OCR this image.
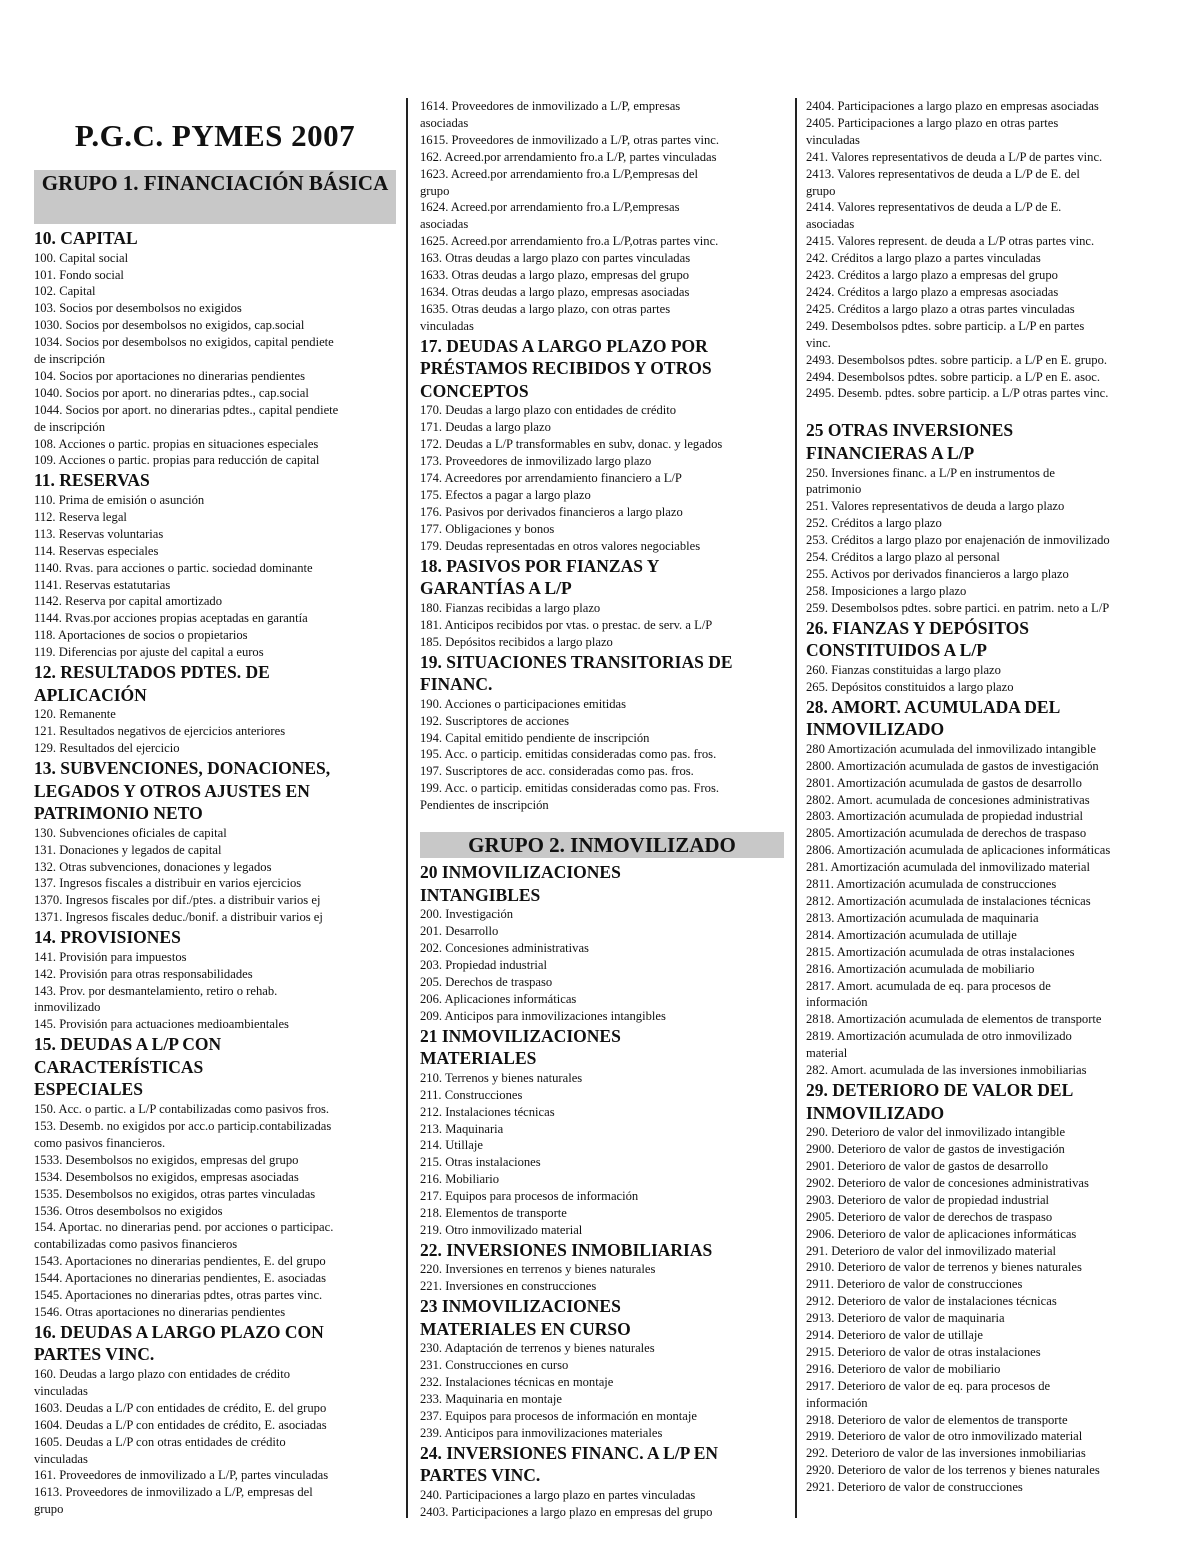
P.G.C. PYMES 2007
GRUPO 1. FINANCIACIÓN BÁSICA
10. CAPITAL
100. Capital social
101. Fondo social
102. Capital
103. Socios por desembolsos no exigidos
1030. Socios por desembolsos no exigidos, cap.social
1034. Socios por desembolsos no exigidos, capital pendiete
de inscripción
104. Socios por aportaciones no dinerarias pendientes
1040. Socios por aport. no dinerarias pdtes., cap.social
1044. Socios por aport. no dinerarias pdtes., capital pendiete
de inscripción
108. Acciones o partic. propias en situaciones especiales
109. Acciones o partic. propias para reducción de capital
11. RESERVAS
110. Prima de emisión o asunción
112. Reserva legal
113. Reservas voluntarias
114. Reservas especiales
1140. Rvas. para acciones o partic. sociedad dominante
1141. Reservas estatutarias
1142. Reserva por capital amortizado
1144. Rvas.por acciones propias aceptadas en garantía
118. Aportaciones de socios o propietarios
119. Diferencias por ajuste del capital a euros
12. RESULTADOS PDTES. DE
APLICACIÓN
120. Remanente
121. Resultados negativos de ejercicios anteriores
129. Resultados del ejercicio
13. SUBVENCIONES, DONACIONES,
LEGADOS Y OTROS AJUSTES EN
PATRIMONIO NETO
130. Subvenciones oficiales de capital
131. Donaciones y legados de capital
132. Otras subvenciones, donaciones y legados
137. Ingresos fiscales a distribuir en varios ejercicios
1370. Ingresos fiscales por dif./ptes. a distribuir varios ej
1371. Ingresos fiscales deduc./bonif. a distribuir varios ej
14. PROVISIONES
141. Provisión para impuestos
142. Provisión para otras responsabilidades
143. Prov. por desmantelamiento, retiro o rehab.
inmovilizado
145. Provisión para actuaciones medioambientales
15. DEUDAS A L/P CON
CARACTERÍSTICAS
ESPECIALES
150. Acc. o partic. a L/P contabilizadas como pasivos fros.
153. Desemb. no exigidos por acc.o particip.contabilizadas
como pasivos financieros.
1533. Desembolsos no exigidos, empresas del grupo
1534. Desembolsos no exigidos, empresas asociadas
1535. Desembolsos no exigidos, otras partes vinculadas
1536. Otros desembolsos no exigidos
154. Aportac. no dinerarias pend. por acciones o participac.
contabilizadas como pasivos financieros
1543. Aportaciones no dinerarias pendientes, E. del grupo
1544. Aportaciones no dinerarias pendientes, E. asociadas
1545. Aportaciones no dinerarias pdtes, otras partes vinc.
1546. Otras aportaciones no dinerarias pendientes
16. DEUDAS A LARGO PLAZO CON
PARTES VINC.
160. Deudas a largo plazo con entidades de crédito
vinculadas
1603. Deudas a L/P con entidades de crédito, E. del grupo
1604. Deudas a L/P con entidades de crédito, E. asociadas
1605. Deudas a L/P con otras entidades de crédito
vinculadas
161. Proveedores de inmovilizado a L/P, partes vinculadas
1613. Proveedores de inmovilizado a L/P, empresas del
grupo
1614. Proveedores de inmovilizado a L/P, empresas
asociadas
1615. Proveedores de inmovilizado a L/P, otras partes vinc.
162. Acreed.por arrendamiento fro.a L/P, partes vinculadas
1623. Acreed.por arrendamiento fro.a L/P,empresas del
grupo
1624. Acreed.por arrendamiento fro.a L/P,empresas
asociadas
1625. Acreed.por arrendamiento fro.a L/P,otras partes vinc.
163. Otras deudas a largo plazo con partes vinculadas
1633. Otras deudas a largo plazo, empresas del grupo
1634. Otras deudas a largo plazo, empresas asociadas
1635. Otras deudas a largo plazo, con otras partes
vinculadas
17. DEUDAS A LARGO PLAZO POR
PRÉSTAMOS RECIBIDOS Y OTROS
CONCEPTOS
170. Deudas a largo plazo con entidades de crédito
171. Deudas a largo plazo
172. Deudas a L/P transformables en subv, donac. y legados
173. Proveedores de inmovilizado largo plazo
174. Acreedores por arrendamiento financiero a L/P
175. Efectos a pagar a largo plazo
176. Pasivos por derivados financieros a largo plazo
177. Obligaciones y bonos
179. Deudas representadas en otros valores negociables
18. PASIVOS POR FIANZAS Y
GARANTÍAS A L/P
180. Fianzas recibidas a largo plazo
181. Anticipos recibidos por vtas. o prestac. de serv. a L/P
185. Depósitos recibidos a largo plazo
19. SITUACIONES TRANSITORIAS DE
FINANC.
190. Acciones o participaciones emitidas
192. Suscriptores de acciones
194. Capital emitido pendiente de inscripción
195. Acc. o particip. emitidas consideradas como pas. fros.
197. Suscriptores de acc. consideradas como pas. fros.
199. Acc. o particip. emitidas consideradas como pas. Fros.
Pendientes de inscripción
GRUPO 2. INMOVILIZADO
20 INMOVILIZACIONES
INTANGIBLES
200. Investigación
201. Desarrollo
202. Concesiones administrativas
203. Propiedad industrial
205. Derechos de traspaso
206. Aplicaciones informáticas
209. Anticipos para inmovilizaciones intangibles
21 INMOVILIZACIONES
MATERIALES
210. Terrenos y bienes naturales
211. Construcciones
212. Instalaciones técnicas
213. Maquinaria
214. Utillaje
215. Otras instalaciones
216. Mobiliario
217. Equipos para procesos de información
218. Elementos de transporte
219. Otro inmovilizado material
22. INVERSIONES INMOBILIARIAS
220. Inversiones en terrenos y bienes naturales
221. Inversiones en construcciones
23 INMOVILIZACIONES
MATERIALES EN CURSO
230. Adaptación de terrenos y bienes naturales
231. Construcciones en curso
232. Instalaciones técnicas en montaje
233. Maquinaria en montaje
237. Equipos para procesos de información en montaje
239. Anticipos para inmovilizaciones materiales
24. INVERSIONES FINANC. A L/P EN
PARTES VINC.
240. Participaciones a largo plazo en partes vinculadas
2403. Participaciones a largo plazo en empresas del grupo
2404. Participaciones a largo plazo en empresas asociadas
2405. Participaciones a largo plazo en otras partes
vinculadas
241. Valores representativos de deuda a L/P de partes vinc.
2413. Valores representativos de deuda a L/P de E. del
grupo
2414. Valores representativos de deuda a L/P de E.
asociadas
2415. Valores represent. de deuda a L/P otras partes vinc.
242. Créditos a largo plazo a partes vinculadas
2423. Créditos a largo plazo a empresas del grupo
2424. Créditos a largo plazo a empresas asociadas
2425. Créditos a largo plazo a otras partes vinculadas
249. Desembolsos pdtes. sobre particip. a L/P en partes
vinc.
2493. Desembolsos pdtes. sobre particip. a L/P en E. grupo.
2494. Desembolsos pdtes. sobre particip. a L/P en E. asoc.
2495. Desemb. pdtes. sobre particip. a L/P otras partes vinc.
25 OTRAS INVERSIONES
FINANCIERAS A L/P
250. Inversiones financ. a L/P en instrumentos de
patrimonio
251. Valores representativos de deuda a largo plazo
252. Créditos a largo plazo
253. Créditos a largo plazo por enajenación de inmovilizado
254. Créditos a largo plazo al personal
255. Activos por derivados financieros a largo plazo
258. Imposiciones a largo plazo
259. Desembolsos pdtes. sobre partici. en patrim. neto a L/P
26. FIANZAS Y DEPÓSITOS
CONSTITUIDOS A L/P
260. Fianzas constituidas a largo plazo
265. Depósitos constituidos a largo plazo
28. AMORT. ACUMULADA DEL
INMOVILIZADO
280 Amortización acumulada del inmovilizado intangible
2800. Amortización acumulada de gastos de investigación
2801. Amortización acumulada de gastos de desarrollo
2802. Amort. acumulada de concesiones administrativas
2803. Amortización acumulada de propiedad industrial
2805. Amortización acumulada de derechos de traspaso
2806. Amortización acumulada de aplicaciones informáticas
281. Amortización acumulada del inmovilizado material
2811. Amortización acumulada de construcciones
2812. Amortización acumulada de instalaciones técnicas
2813. Amortización acumulada de maquinaria
2814. Amortización acumulada de utillaje
2815. Amortización acumulada de otras instalaciones
2816. Amortización acumulada de mobiliario
2817. Amort. acumulada de eq. para procesos de
información
2818. Amortización acumulada de elementos de transporte
2819. Amortización acumulada de otro inmovilizado
material
282. Amort. acumulada de las inversiones inmobiliarias
29. DETERIORO DE VALOR DEL
INMOVILIZADO
290. Deterioro de valor del inmovilizado intangible
2900. Deterioro de valor de gastos de investigación
2901. Deterioro de valor de gastos de desarrollo
2902. Deterioro de valor de concesiones administrativas
2903. Deterioro de valor de propiedad industrial
2905. Deterioro de valor de derechos de traspaso
2906. Deterioro de valor de aplicaciones informáticas
291. Deterioro de valor del inmovilizado material
2910. Deterioro de valor de terrenos y bienes naturales
2911. Deterioro de valor de construcciones
2912. Deterioro de valor de instalaciones técnicas
2913. Deterioro de valor de maquinaria
2914. Deterioro de valor de utillaje
2915. Deterioro de valor de otras instalaciones
2916. Deterioro de valor de mobiliario
2917. Deterioro de valor de eq. para procesos de
información
2918. Deterioro de valor de elementos de transporte
2919. Deterioro de valor de otro inmovilizado material
292. Deterioro de valor de las inversiones inmobiliarias
2920. Deterioro de valor de los terrenos y bienes naturales
2921. Deterioro de valor de construcciones
